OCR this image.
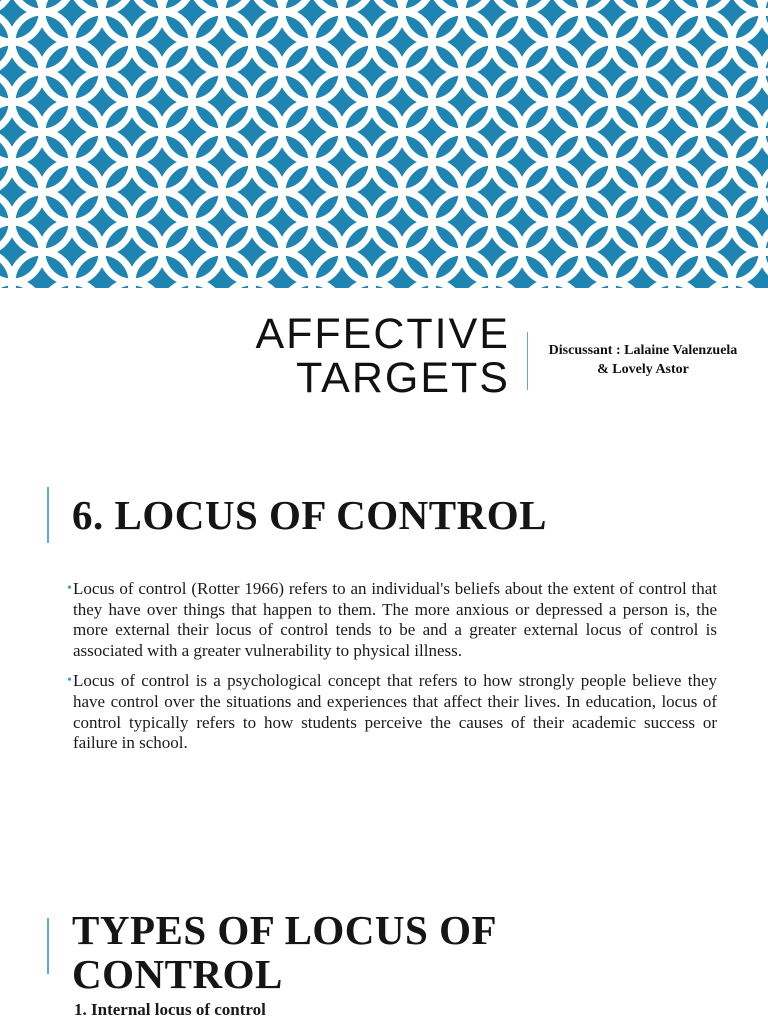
AFFECTIVE
TARGETS
Discussant : Lalaine Valenzuela
& Lovely Astor
6. LOCUS OF CONTROL
• Locus of control (Rotter 1966) refers to an individual's beliefs about the extent of control that they have over things that happen to them. The more anxious or depressed a person is, the more external their locus of control tends to be and a greater external locus of control is associated with a greater vulnerability to physical illness.
• Locus of control is a psychological concept that refers to how strongly people believe they have control over the situations and experiences that affect their lives. In education, locus of control typically refers to how students perceive the causes of their academic success or failure in school.
TYPES OF LOCUS OF
CONTROL
1. Internal locus of control
